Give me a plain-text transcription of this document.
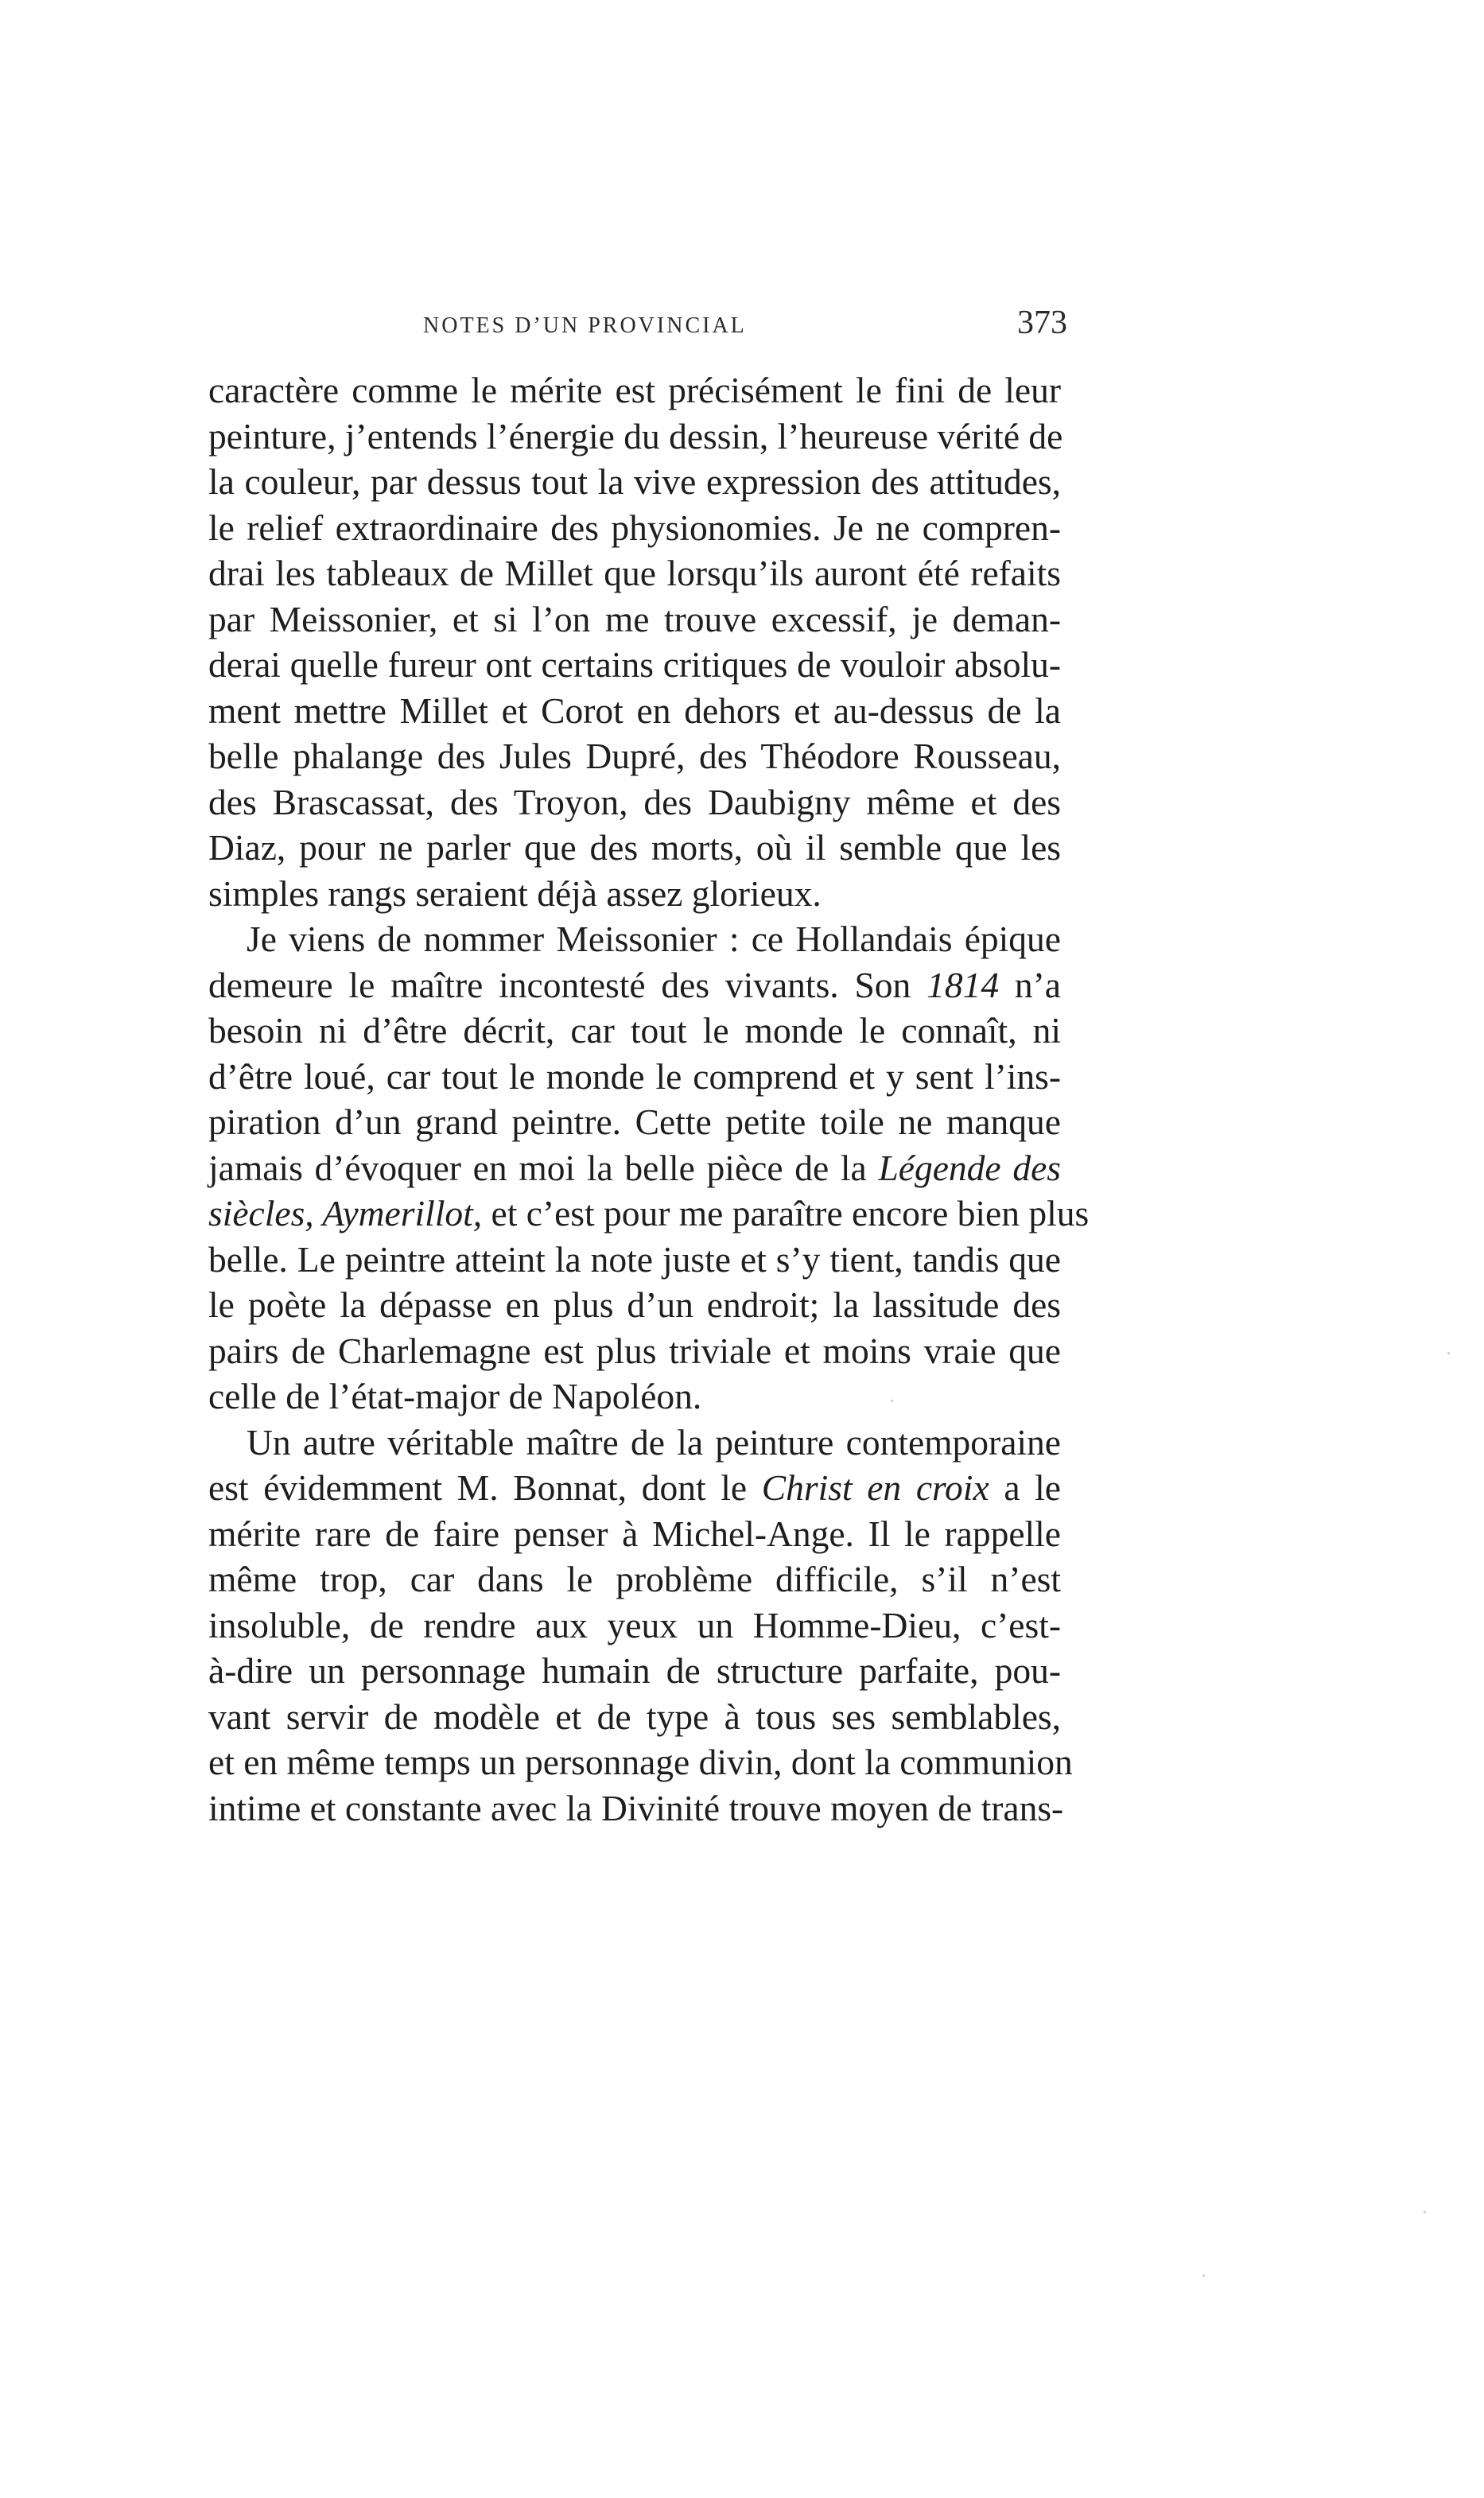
NOTES D’UN PROVINCIAL	373
caractère comme le mérite est précisément le fini de leur
peinture, j’entends l’énergie du dessin, l’heureuse vérité de
la couleur, par dessus tout la vive expression des attitudes,
le relief extraordinaire des physionomies. Je ne compren-
drai les tableaux de Millet que lorsqu’ils auront été refaits
par Meissonier, et si l’on me trouve excessif, je deman-
derai quelle fureur ont certains critiques de vouloir absolu-
ment mettre Millet et Corot en dehors et au-dessus de la
belle phalange des Jules Dupré, des Théodore Rousseau,
des Brascassat, des Troyon, des Daubigny même et des
Diaz, pour ne parler que des morts, où il semble que les
simples rangs seraient déjà assez glorieux.
Je viens de nommer Meissonier : ce Hollandais épique
demeure le maître incontesté des vivants. Son 1814 n’a
besoin ni d’être décrit, car tout le monde le connaît, ni
d’être loué, car tout le monde le comprend et y sent l’ins-
piration d’un grand peintre. Cette petite toile ne manque
jamais d’évoquer en moi la belle pièce de la Légende des
siècles, Aymerillot, et c’est pour me paraître encore bien plus
belle. Le peintre atteint la note juste et s’y tient, tandis que
le poète la dépasse en plus d’un endroit; la lassitude des
pairs de Charlemagne est plus triviale et moins vraie que
celle de l’état-major de Napoléon.
Un autre véritable maître de la peinture contemporaine
est évidemment M. Bonnat, dont le Christ en croix a le
mérite rare de faire penser à Michel-Ange. Il le rappelle
même trop, car dans le problème difficile, s’il n’est
insoluble, de rendre aux yeux un Homme-Dieu, c’est-
à-dire un personnage humain de structure parfaite, pou-
vant servir de modèle et de type à tous ses semblables,
et en même temps un personnage divin, dont la communion
intime et constante avec la Divinité trouve moyen de trans-
